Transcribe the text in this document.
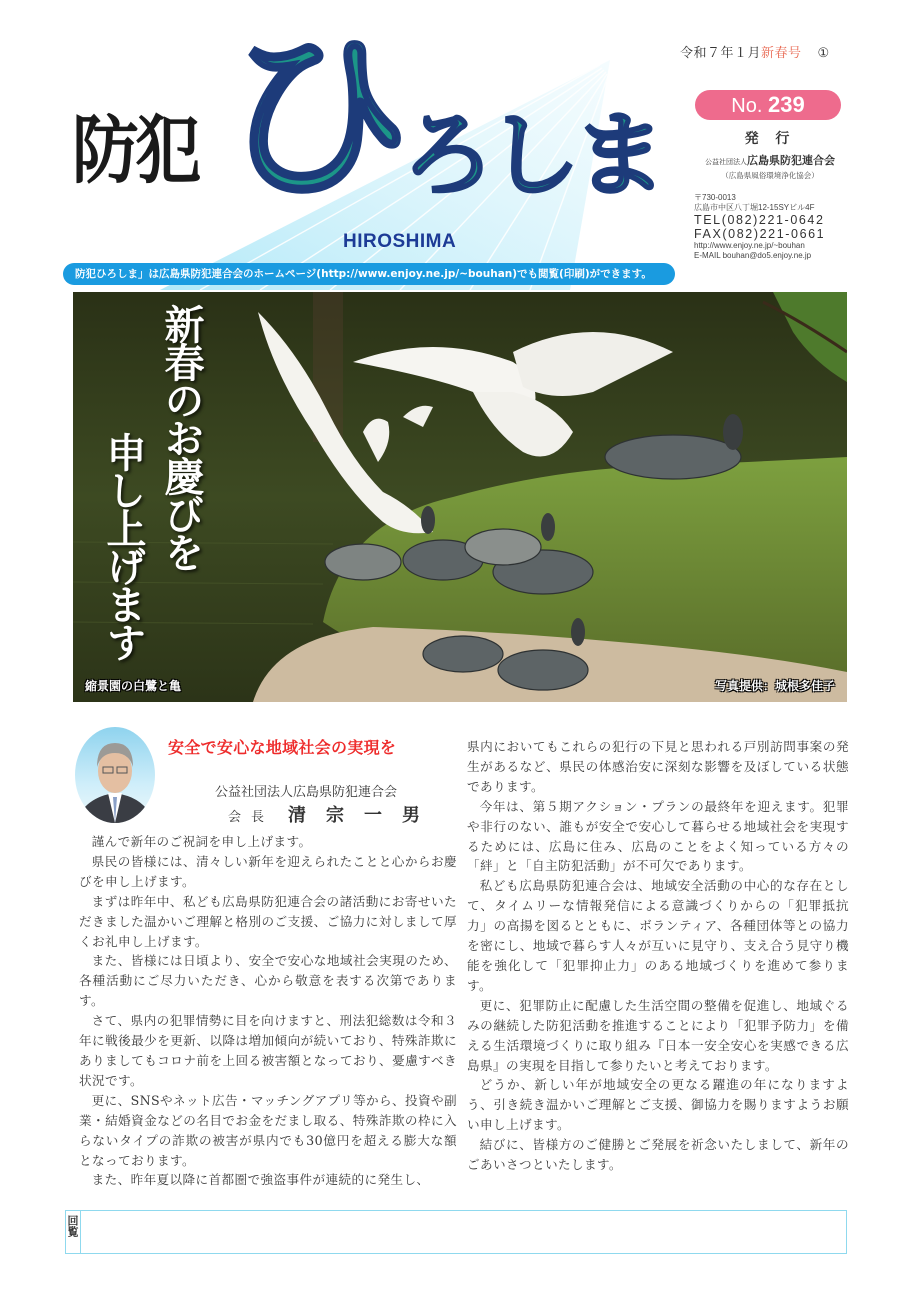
防犯 ひ
ろしま
HIROSHIMA
令和７年１月新春号 ①
No. 239
発 行
公益社団法人広島県防犯連合会
（広島県風俗環境浄化協会）
〒730-0013
広島市中区八丁堀12-15SYビル4F
TEL(082)221-0642
FAX(082)221-0661
http://www.enjoy.ne.jp/~bouhan
E-MAIL bouhan@do5.enjoy.ne.jp
防犯ひろしま」は広島県防犯連合会のホームページ(http://www.enjoy.ne.jp/~bouhan)でも閲覧(印刷)ができます。
新春のお慶びを
申し上げます
縮景園の白鷺と亀	写真提供：城根多佳子
安全で安心な地域社会の実現を
公益社団法人広島県防犯連合会
会長 清宗一男

謹んで新年のご祝詞を申し上げます。

県民の皆様には、清々しい新年を迎えられたことと心からお慶びを申し上げます。

まずは昨年中、私ども広島県防犯連合会の諸活動にお寄せいただきました温かいご理解と格別のご支援、ご協力に対しまして厚くお礼申し上げます。

また、皆様には日頃より、安全で安心な地域社会実現のため、各種活動にご尽力いただき、心から敬意を表する次第であります。

さて、県内の犯罪情勢に目を向けますと、刑法犯総数は令和３年に戦後最少を更新、以降は増加傾向が続いており、特殊詐欺にありましてもコロナ前を上回る被害額となっており、憂慮すべき状況です。

更に、SNSやネット広告・マッチングアプリ等から、投資や副業・結婚資金などの名目でお金をだまし取る、特殊詐欺の枠に入らないタイプの詐欺の被害が県内でも30億円を超える膨大な額となっております。

また、昨年夏以降に首都圏で強盗事件が連続的に発生し、

県内においてもこれらの犯行の下見と思われる戸別訪問事案の発生があるなど、県民の体感治安に深刻な影響を及ぼしている状態であります。

今年は、第５期アクション・プランの最終年を迎えます。犯罪や非行のない、誰もが安全で安心して暮らせる地域社会を実現するためには、広島に住み、広島のことをよく知っている方々の「絆」と「自主防犯活動」が不可欠であります。

私ども広島県防犯連合会は、地域安全活動の中心的な存在として、タイムリーな情報発信による意識づくりからの「犯罪抵抗力」の高揚を図るとともに、ボランティア、各種団体等との協力を密にし、地域で暮らす人々が互いに見守り、支え合う見守り機能を強化して「犯罪抑止力」のある地域づくりを進めて参ります。

更に、犯罪防止に配慮した生活空間の整備を促進し、地域ぐるみの継続した防犯活動を推進することにより「犯罪予防力」を備える生活環境づくりに取り組み『日本一安全安心を実感できる広島県』の実現を目指して参りたいと考えております。

どうか、新しい年が地域安全の更なる躍進の年になりますよう、引き続き温かいご理解とご支援、御協力を賜りますようお願い申し上げます。

結びに、皆様方のご健勝とご発展を祈念いたしまして、新年のごあいさつといたします。

回覧
